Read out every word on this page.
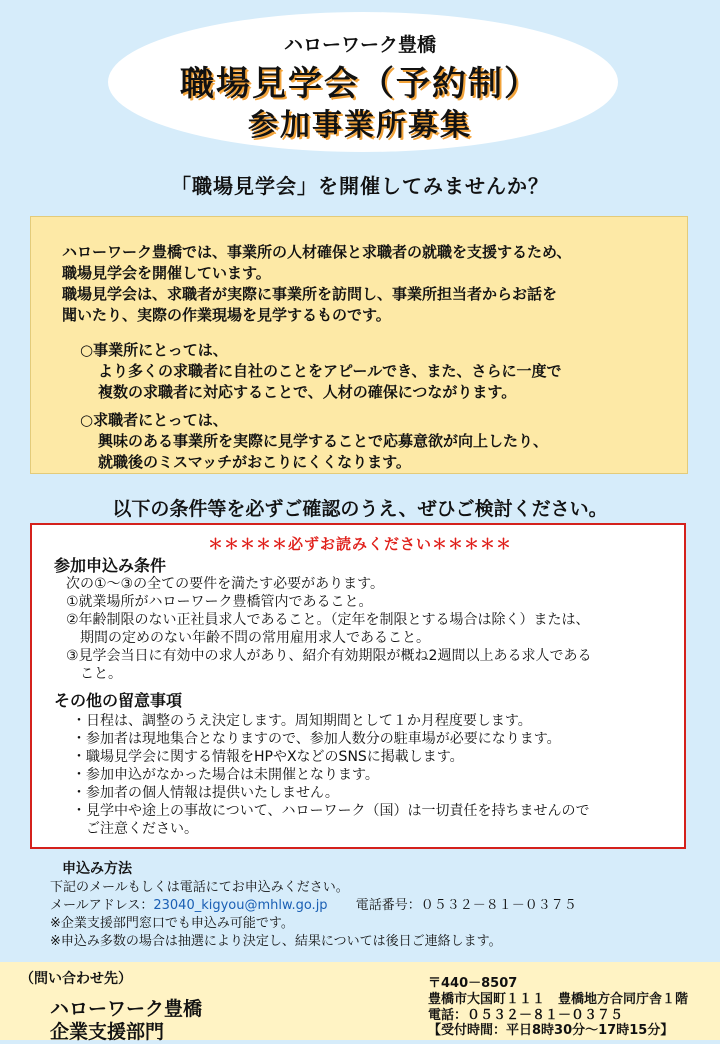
ハローワーク豊橋
職場見学会（予約制）
参加事業所募集
「職場見学会」を開催してみませんか？
ハローワーク豊橋では、事業所の人材確保と求職者の就職を支援するため、
職場見学会を開催しています。
職場見学会は、求職者が実際に事業所を訪問し、事業所担当者からお話を
聞いたり、実際の作業現場を見学するものです。
○事業所にとっては、
より多くの求職者に自社のことをアピールでき、また、さらに一度で
複数の求職者に対応することで、人材の確保につながります。
○求職者にとっては、
興味のある事業所を実際に見学することで応募意欲が向上したり、
就職後のミスマッチがおこりにくくなります。
以下の条件等を必ずご確認のうえ、ぜひご検討ください。
＊＊＊＊＊必ずお読みください＊＊＊＊＊
参加申込み条件
次の①～③の全ての要件を満たす必要があります。
①就業場所がハローワーク豊橋管内であること。
②年齢制限のない正社員求人であること。（定年を制限とする場合は除く）または、
　期間の定めのない年齢不問の常用雇用求人であること。
③見学会当日に有効中の求人があり、紹介有効期限が概ね2週間以上ある求人である
　こと。
その他の留意事項
・日程は、調整のうえ決定します。周知期間として１か月程度要します。
・参加者は現地集合となりますので、参加人数分の駐車場が必要になります。
・職場見学会に関する情報をHPやXなどのSNSに掲載します。
・参加申込がなかった場合は未開催となります。
・参加者の個人情報は提供いたしません。
・見学中や途上の事故について、ハローワーク（国）は一切責任を持ちませんので
　ご注意ください。
申込み方法
下記のメールもしくは電話にてお申込みください。
メールアドレス：23040_kigyou@mhlw.go.jp 電話番号：０５３２－８１－０３７５
※企業支援部門窓口でも申込み可能です。
※申込み多数の場合は抽選により決定し、結果については後日ご連絡します。
（問い合わせ先）
ハローワーク豊橋
企業支援部門
〒440－8507
豊橋市大国町１１１　豊橋地方合同庁舎１階
電話：０５３２－８１－０３７５
【受付時間：平日8時30分～17時15分】
